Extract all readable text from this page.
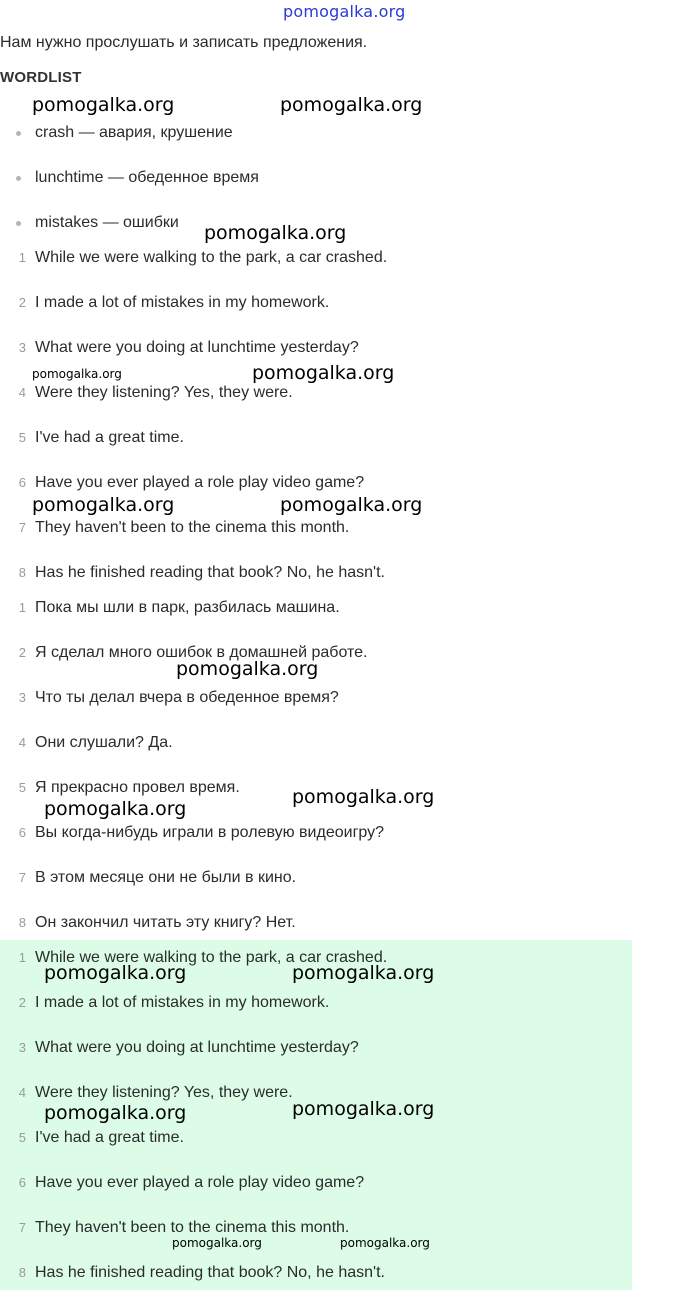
pomogalka.org
Нам нужно прослушать и записать предложения.
WORDLIST
crash — авария, крушение
lunchtime — обеденное время
mistakes — ошибки
1 While we were walking to the park, a car crashed.
2 I made a lot of mistakes in my homework.
3 What were you doing at lunchtime yesterday?
4 Were they listening? Yes, they were.
5 I've had a great time.
6 Have you ever played a role play video game?
7 They haven't been to the cinema this month.
8 Has he finished reading that book? No, he hasn't.
1 Пока мы шли в парк, разбилась машина.
2 Я сделал много ошибок в домашней работе.
3 Что ты делал вчера в обеденное время?
4 Они слушали? Да.
5 Я прекрасно провел время.
6 Вы когда-нибудь играли в ролевую видеоигру?
7 В этом месяце они не были в кино.
8 Он закончил читать эту книгу? Нет.
1 While we were walking to the park, a car crashed.
2 I made a lot of mistakes in my homework.
3 What were you doing at lunchtime yesterday?
4 Were they listening? Yes, they were.
5 I've had a great time.
6 Have you ever played a role play video game?
7 They haven't been to the cinema this month.
8 Has he finished reading that book? No, he hasn't.
pomogalka.org	pomogalka.org
pomogalka.org
pomogalka.org	pomogalka.org
pomogalka.org	pomogalka.org
pomogalka.org
pomogalka.org
pomogalka.org
pomogalka.org	pomogalka.org
pomogalka.org
pomogalka.org
pomogalka.org	pomogalka.org
